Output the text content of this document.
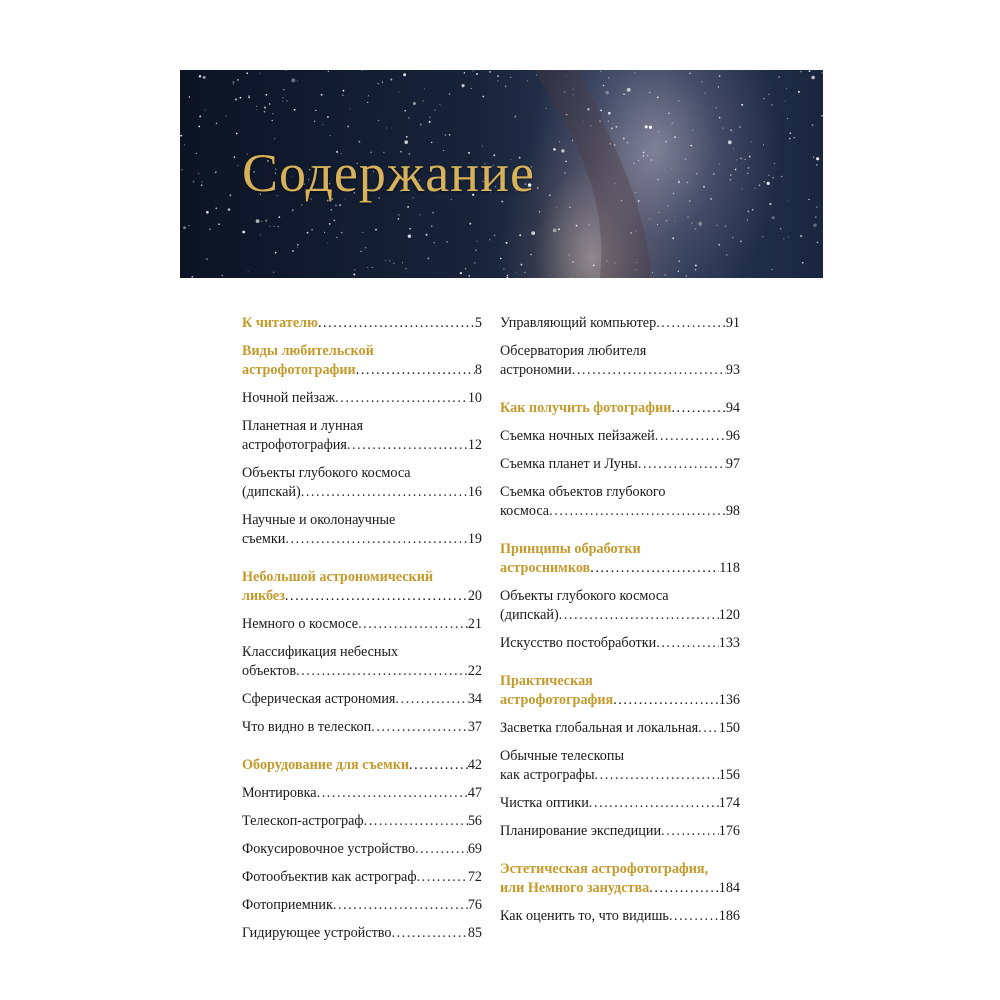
Содержание
К читателю . . .	5
Виды любительской
астрофотографии . . .	8
Ночной пейзаж . . .	10
Планетная и лунная
астрофотография . . .	12
Объекты глубокого космоса
(дипскай) . . .	16
Научные и околонаучные
съемки . . .	19
Небольшой астрономический
ликбез . . .	20
Немного о космосе . . .	21
Классификация небесных
объектов . . .	22
Сферическая астрономия . . .	34
Что видно в телескоп . . .	37
Оборудование для съемки . . .	42
Монтировка . . .	47
Телескоп-астрограф . . .	56
Фокусировочное устройство . . .	69
Фотообъектив как астрограф . . .	72
Фотоприемник . . .	76
Гидирующее устройство . . .	85
Управляющий компьютер . . .	91
Обсерватория любителя
астрономии . . .	93
Как получить фотографии . . .	94
Съемка ночных пейзажей . . .	96
Съемка планет и Луны . . .	97
Съемка объектов глубокого
космоса . . .	98
Принципы обработки
астроснимков . . .	118
Объекты глубокого космоса
(дипскай) . . .	120
Искусство постобработки . . .	133
Практическая
астрофотография . . .	136
Засветка глобальная и локальная . . . 150
Обычные телескопы
как астрографы . . .	156
Чистка оптики . . .	174
Планирование экспедиции . . .	176
Эстетическая астрофотография,
или Немного занудства . . .	184
Как оценить то, что видишь . . .	186
